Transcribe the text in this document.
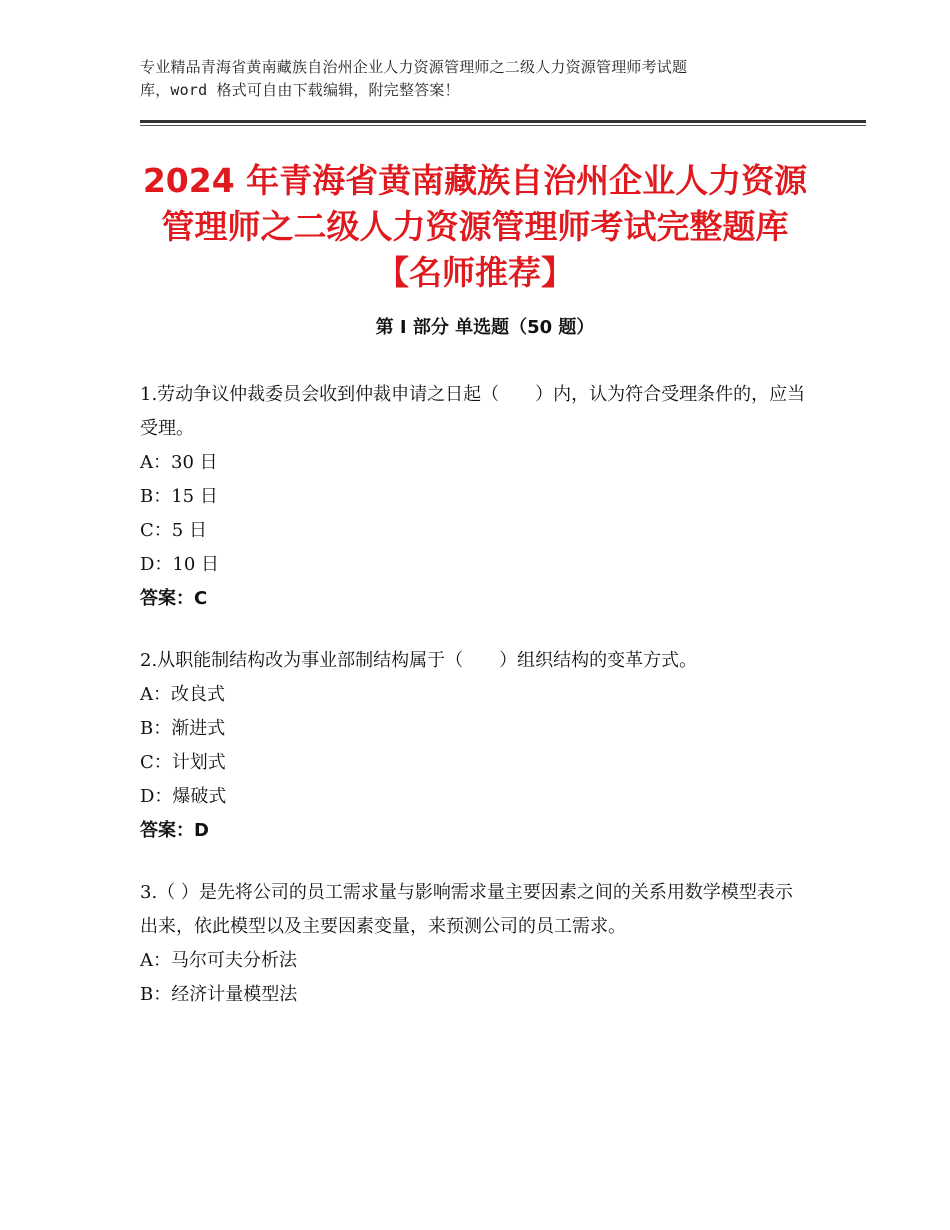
专业精品青海省黄南藏族自治州企业人力资源管理师之二级人力资源管理师考试题
库，word 格式可自由下载编辑，附完整答案！
2024 年青海省黄南藏族自治州企业人力资源
管理师之二级人力资源管理师考试完整题库
【名师推荐】
第 I 部分 单选题（50 题）
1.劳动争议仲裁委员会收到仲裁申请之日起（　　）内，认为符合受理条件的，应当受理。
A：30 日
B：15 日
C：5 日
D：10 日
答案：C
2.从职能制结构改为事业部制结构属于（　　）组织结构的变革方式。
A：改良式
B：渐进式
C：计划式
D：爆破式
答案：D
3.（ ）是先将公司的员工需求量与影响需求量主要因素之间的关系用数学模型表示出来，依此模型以及主要因素变量，来预测公司的员工需求。
A：马尔可夫分析法
B：经济计量模型法
